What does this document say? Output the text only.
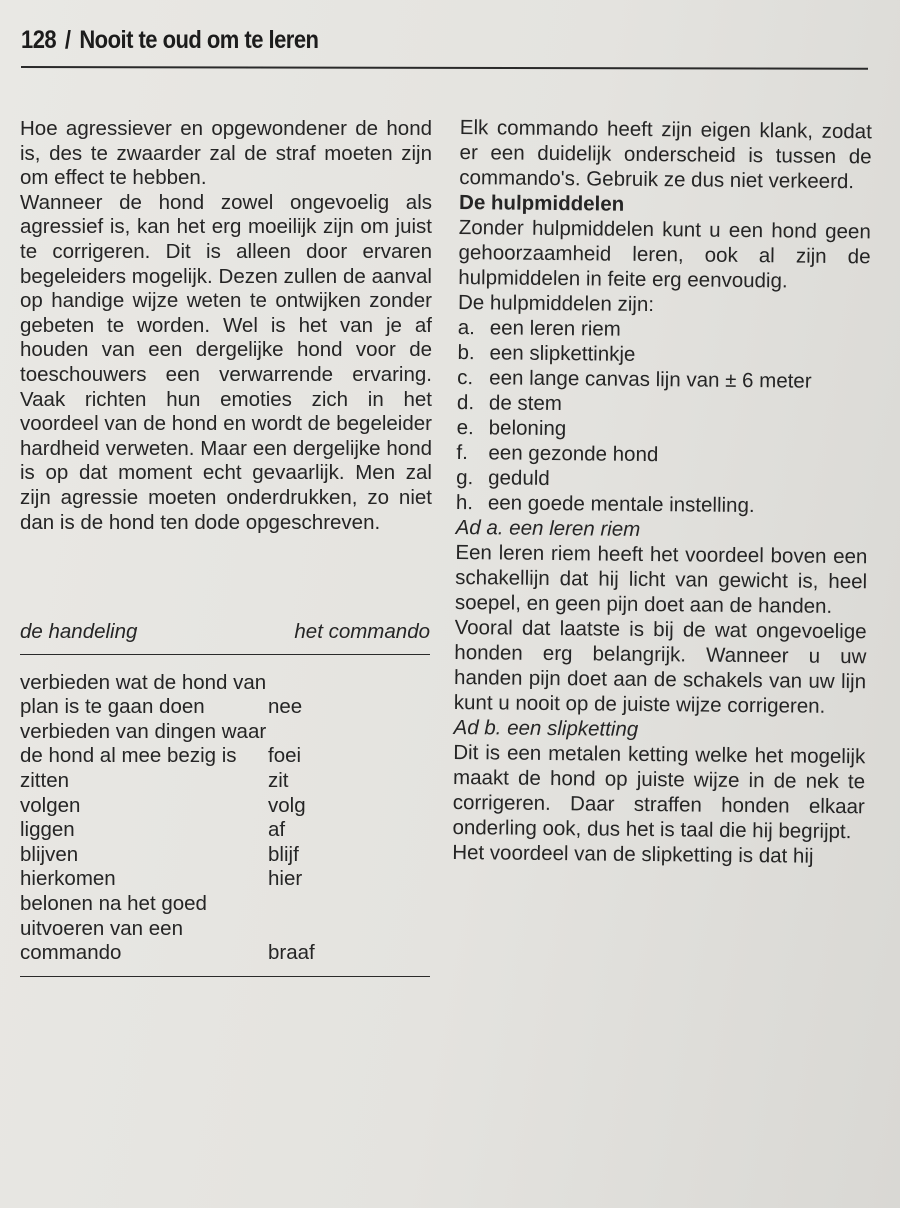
128 / Nooit te oud om te leren

Hoe agressiever en opgewondener de hond is, des te zwaarder zal de straf moeten zijn om effect te hebben.

Wanneer de hond zowel ongevoelig als agressief is, kan het erg moeilijk zijn om juist te corrigeren. Dit is alleen door ervaren begeleiders mogelijk. Dezen zullen de aanval op handige wijze weten te ontwijken zonder gebeten te worden. Wel is het van je af houden van een dergelijke hond voor de toeschouwers een verwarrende ervaring. Vaak richten hun emoties zich in het voordeel van de hond en wordt de begeleider hardheid verweten. Maar een dergelijke hond is op dat moment echt gevaarlijk. Men zal zijn agressie moeten onderdrukken, zo niet dan is de hond ten dode opgeschreven.

de handeling	het commando
verbieden wat de hond van plan is te gaan doen	nee
verbieden van dingen waar de hond al mee bezig is	foei
zitten	zit
volgen	volg
liggen	af
blijven	blijf
hierkomen	hier
belonen na het goed uitvoeren van een commando	braaf

Elk commando heeft zijn eigen klank, zodat er een duidelijk onderscheid is tussen de commando's. Gebruik ze dus niet verkeerd.

De hulpmiddelen

Zonder hulpmiddelen kunt u een hond geen gehoorzaamheid leren, ook al zijn de hulpmiddelen in feite erg eenvoudig.

De hulpmiddelen zijn:

a. een leren riem
b. een slipkettinkje
c. een lange canvas lijn van ± 6 meter
d. de stem
e. beloning
f. een gezonde hond
g. geduld
h. een goede mentale instelling.

Ad a. een leren riem

Een leren riem heeft het voordeel boven een schakellijn dat hij licht van gewicht is, heel soepel, en geen pijn doet aan de handen.

Vooral dat laatste is bij de wat ongevoelige honden erg belangrijk. Wanneer u uw handen pijn doet aan de schakels van uw lijn kunt u nooit op de juiste wijze corrigeren.

Ad b. een slipketting

Dit is een metalen ketting welke het mogelijk maakt de hond op juiste wijze in de nek te corrigeren. Daar straffen honden elkaar onderling ook, dus het is taal die hij begrijpt.

Het voordeel van de slipketting is dat hij
